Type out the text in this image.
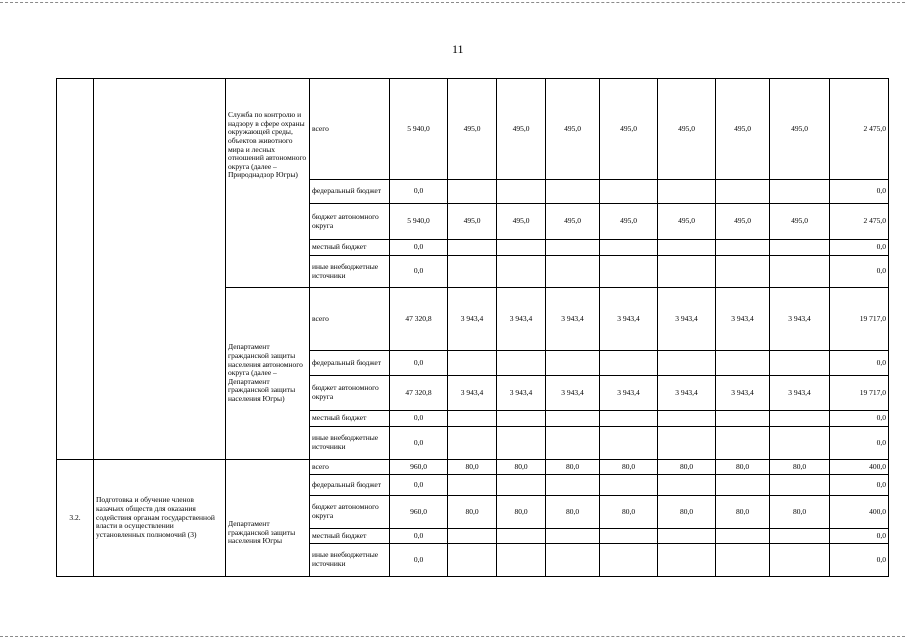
11
		Служба по контролю и надзору в сфере охраны окружающей среды, объектов животного мира и лесных отношений автономного округа (далее – Природнадзор Югры)	всего	5 940,0	495,0	495,0	495,0	495,0	495,0	495,0	495,0	2 475,0
			федеральный бюджет	0,0								0,0
			бюджет автономного округа	5 940,0	495,0	495,0	495,0	495,0	495,0	495,0	495,0	2 475,0
			местный бюджет	0,0								0,0
			иные внебюджетные источники	0,0								0,0
		Департамент гражданской защиты населения автономного округа (далее – Департамент гражданской защиты населения Югры)	всего	47 320,8	3 943,4	3 943,4	3 943,4	3 943,4	3 943,4	3 943,4	3 943,4	19 717,0
			федеральный бюджет	0,0								0,0
			бюджет автономного округа	47 320,8	3 943,4	3 943,4	3 943,4	3 943,4	3 943,4	3 943,4	3 943,4	19 717,0
			местный бюджет	0,0								0,0
			иные внебюджетные источники	0,0								0,0
3.2.	Подготовка и обучение членов казачьих обществ для оказания содействия органам государственной власти в осуществлении установленных полномочий (3)	Департамент гражданской защиты населения Югры	всего	960,0	80,0	80,0	80,0	80,0	80,0	80,0	80,0	400,0
			федеральный бюджет	0,0								0,0
			бюджет автономного округа	960,0	80,0	80,0	80,0	80,0	80,0	80,0	80,0	400,0
			местный бюджет	0,0								0,0
			иные внебюджетные источники	0,0								0,0
